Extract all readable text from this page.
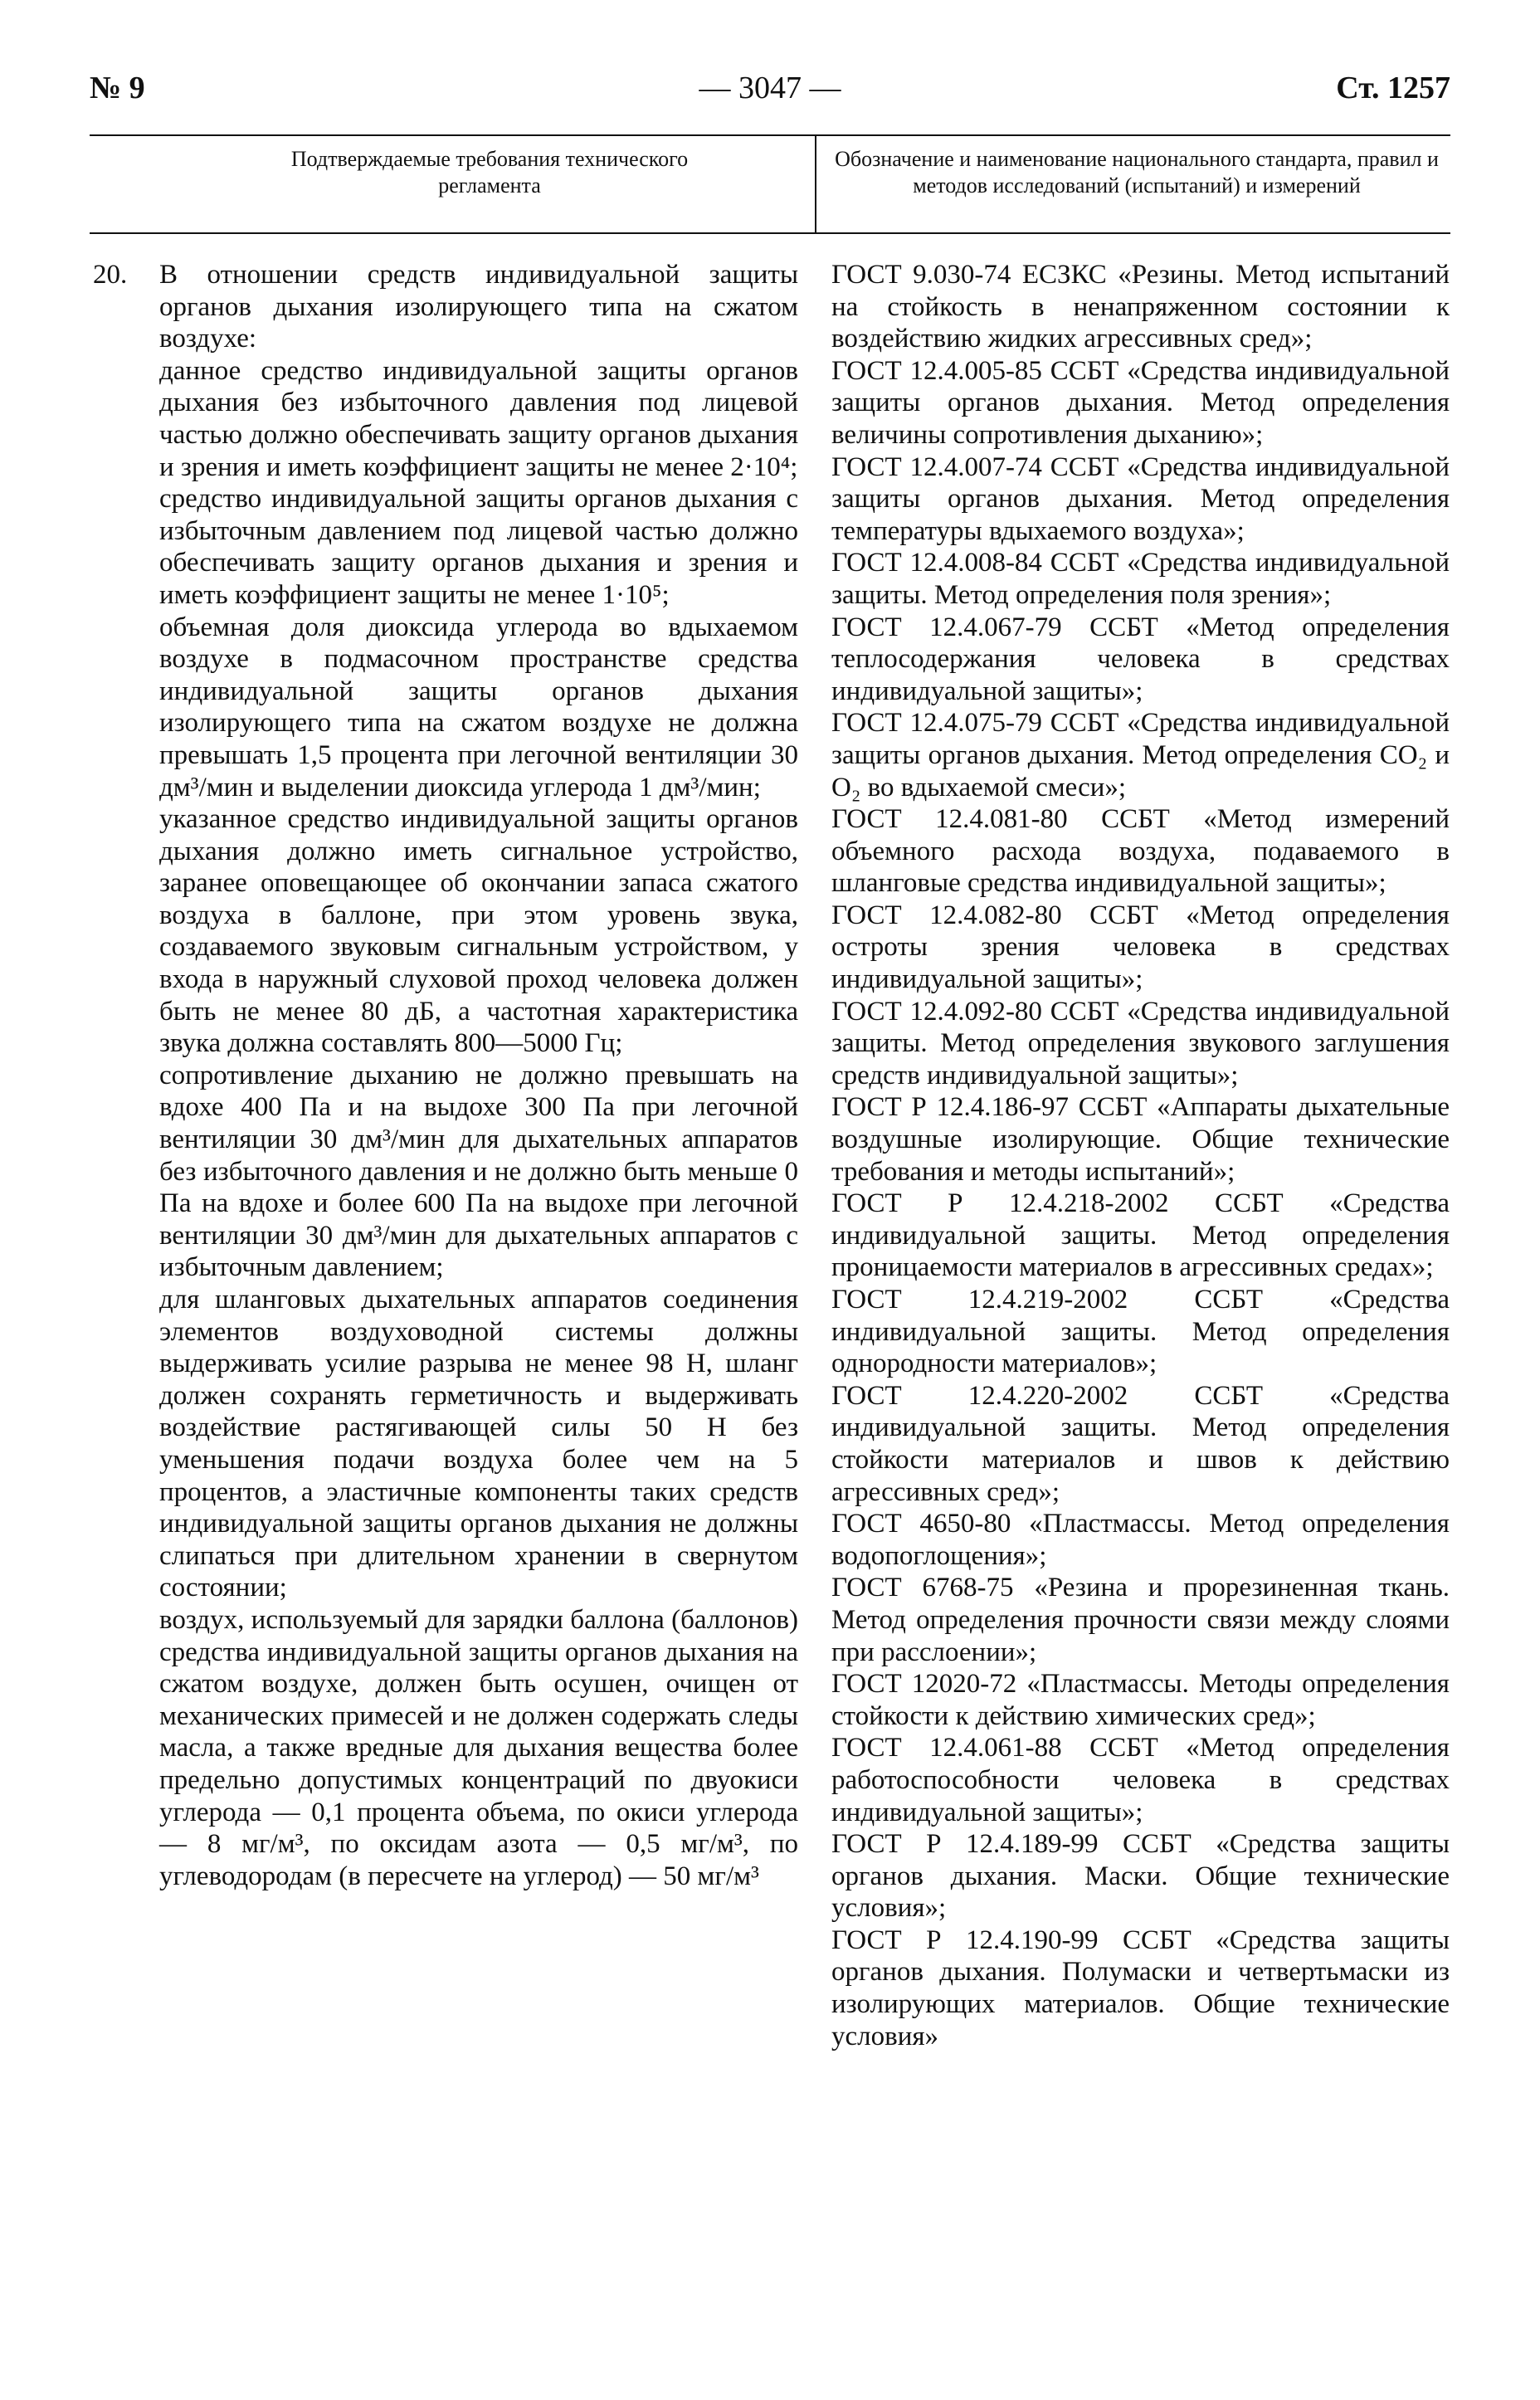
№ 9	— 3047 —	Ст. 1257
Подтверждаемые требования технического регламента
Обозначение и наименование национального стандарта, правил и методов исследований (испытаний) и измерений
20. В отношении средств индивидуальной защиты органов дыхания изолирующего типа на сжатом воздухе:

данное средство индивидуальной защиты органов дыхания без избыточного давления под лицевой частью должно обеспечивать защиту органов дыхания и зрения и иметь коэффициент защиты не менее 2·10⁴;

средство индивидуальной защиты органов дыхания с избыточным давлением под лицевой частью должно обеспечивать защиту органов дыхания и зрения и иметь коэффициент защиты не менее 1·10⁵;

объемная доля диоксида углерода во вдыхаемом воздухе в подмасочном пространстве средства индивидуальной защиты органов дыхания изолирующего типа на сжатом воздухе не должна превышать 1,5 процента при легочной вентиляции 30 дм³/мин и выделении диоксида углерода 1 дм³/мин;

указанное средство индивидуальной защиты органов дыхания должно иметь сигнальное устройство, заранее оповещающее об окончании запаса сжатого воздуха в баллоне, при этом уровень звука, создаваемого звуковым сигнальным устройством, у входа в наружный слуховой проход человека должен быть не менее 80 дБ, а частотная характеристика звука должна составлять 800—5000 Гц;

сопротивление дыханию не должно превышать на вдохе 400 Па и на выдохе 300 Па при легочной вентиляции 30 дм³/мин для дыхательных аппаратов без избыточного давления и не должно быть меньше 0 Па на вдохе и более 600 Па на выдохе при легочной вентиляции 30 дм³/мин для дыхательных аппаратов с избыточным давлением;

для шланговых дыхательных аппаратов соединения элементов воздуховодной системы должны выдерживать усилие разрыва не менее 98 Н, шланг должен сохранять герметичность и выдерживать воздействие растягивающей силы 50 Н без уменьшения подачи воздуха более чем на 5 процентов, а эластичные компоненты таких средств индивидуальной защиты органов дыхания не должны слипаться при длительном хранении в свернутом состоянии;

воздух, используемый для зарядки баллона (баллонов) средства индивидуальной защиты органов дыхания на сжатом воздухе, должен быть осушен, очищен от механических примесей и не должен содержать следы масла, а также вредные для дыхания вещества более предельно допустимых концентраций по двуокиси углерода — 0,1 процента объема, по окиси углерода — 8 мг/м³, по оксидам азота — 0,5 мг/м³, по углеводородам (в пересчете на углерод) — 50 мг/м³

ГОСТ 9.030-74 ЕСЗКС «Резины. Метод испытаний на стойкость в ненапряженном состоянии к воздействию жидких агрессивных сред»;

ГОСТ 12.4.005-85 ССБТ «Средства индивидуальной защиты органов дыхания. Метод определения величины сопротивления дыханию»;

ГОСТ 12.4.007-74 ССБТ «Средства индивидуальной защиты органов дыхания. Метод определения температуры вдыхаемого воздуха»;

ГОСТ 12.4.008-84 ССБТ «Средства индивидуальной защиты. Метод определения поля зрения»;

ГОСТ 12.4.067-79 ССБТ «Метод определения теплосодержания человека в средствах индивидуальной защиты»;

ГОСТ 12.4.075-79 ССБТ «Средства индивидуальной защиты органов дыхания. Метод определения CO₂ и O₂ во вдыхаемой смеси»;

ГОСТ 12.4.081-80 ССБТ «Метод измерений объемного расхода воздуха, подаваемого в шланговые средства индивидуальной защиты»;

ГОСТ 12.4.082-80 ССБТ «Метод определения остроты зрения человека в средствах индивидуальной защиты»;

ГОСТ 12.4.092-80 ССБТ «Средства индивидуальной защиты. Метод определения звукового заглушения средств индивидуальной защиты»;

ГОСТ Р 12.4.186-97 ССБТ «Аппараты дыхательные воздушные изолирующие. Общие технические требования и методы испытаний»;

ГОСТ Р 12.4.218-2002 ССБТ «Средства индивидуальной защиты. Метод определения проницаемости материалов в агрессивных средах»;

ГОСТ 12.4.219-2002 ССБТ «Средства индивидуальной защиты. Метод определения однородности материалов»;

ГОСТ 12.4.220-2002 ССБТ «Средства индивидуальной защиты. Метод определения стойкости материалов и швов к действию агрессивных сред»;

ГОСТ 4650-80 «Пластмассы. Метод определения водопоглощения»;

ГОСТ 6768-75 «Резина и прорезиненная ткань. Метод определения прочности связи между слоями при расслоении»;

ГОСТ 12020-72 «Пластмассы. Методы определения стойкости к действию химических сред»;

ГОСТ 12.4.061-88 ССБТ «Метод определения работоспособности человека в средствах индивидуальной защиты»;

ГОСТ Р 12.4.189-99 ССБТ «Средства защиты органов дыхания. Маски. Общие технические условия»;

ГОСТ Р 12.4.190-99 ССБТ «Средства защиты органов дыхания. Полумаски и четвертьмаски из изолирующих материалов. Общие технические условия»
